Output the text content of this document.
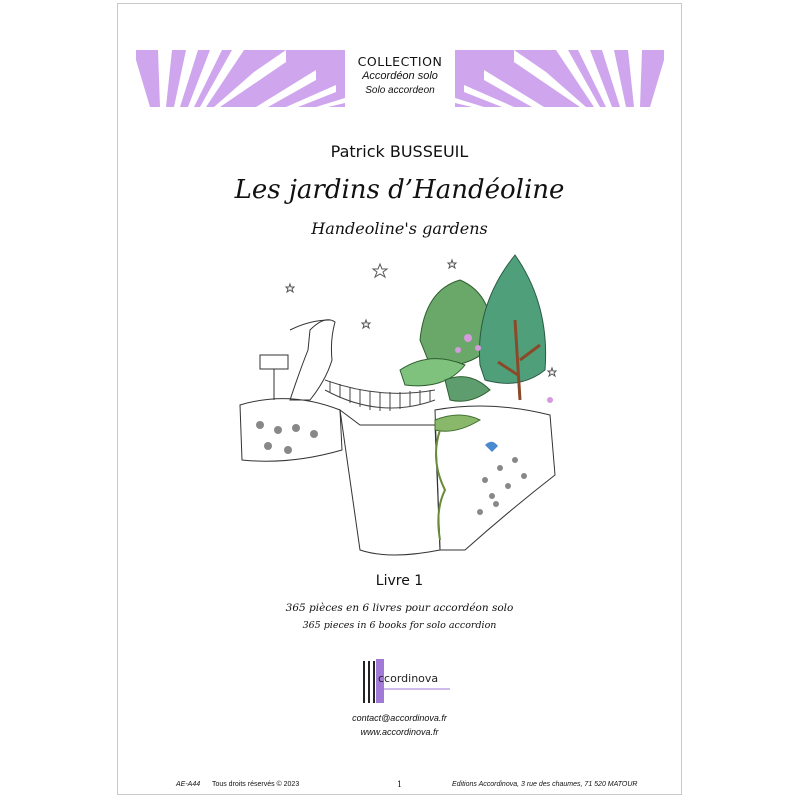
COLLECTION
Accordéon solo
Solo accordeon
Patrick BUSSEUIL
Les jardins d’Handéoline
Handeoline's gardens
Livre 1
365 pièces en 6 livres pour accordéon solo
365 pieces in 6 books for solo accordion
ccordinova
contact@accordinova.fr
www.accordinova.fr
AE-A44 Tous droits réservés © 2023	1	Editions Accordinova, 3 rue des chaumes, 71 520 MATOUR
